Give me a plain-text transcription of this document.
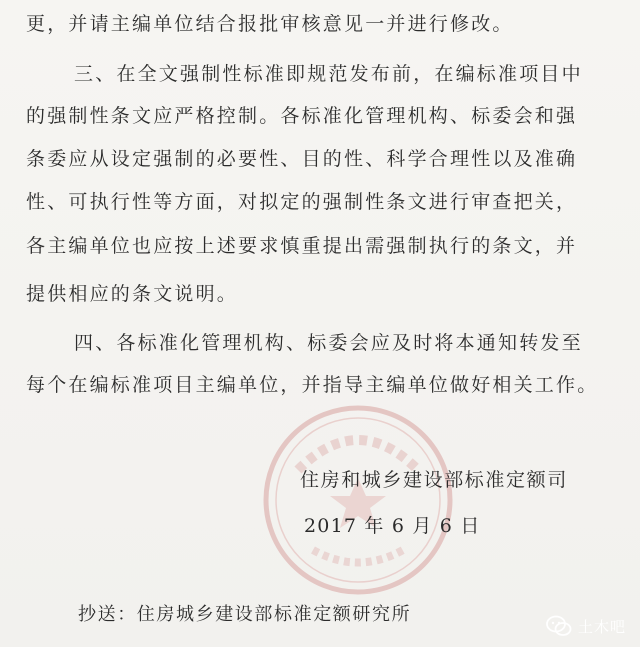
更，并请主编单位结合报批审核意见一并进行修改。
三、在全文强制性标准即规范发布前，在编标准项目中
的强制性条文应严格控制。各标准化管理机构、标委会和强
条委应从设定强制的必要性、目的性、科学合理性以及准确
性、可执行性等方面，对拟定的强制性条文进行审查把关，
各主编单位也应按上述要求慎重提出需强制执行的条文，并
提供相应的条文说明。
四、各标准化管理机构、标委会应及时将本通知转发至
每个在编标准项目主编单位，并指导主编单位做好相关工作。
住房和城乡建设部标准定额司
2017 年 6 月 6 日
抄送：住房城乡建设部标准定额研究所
土木吧
